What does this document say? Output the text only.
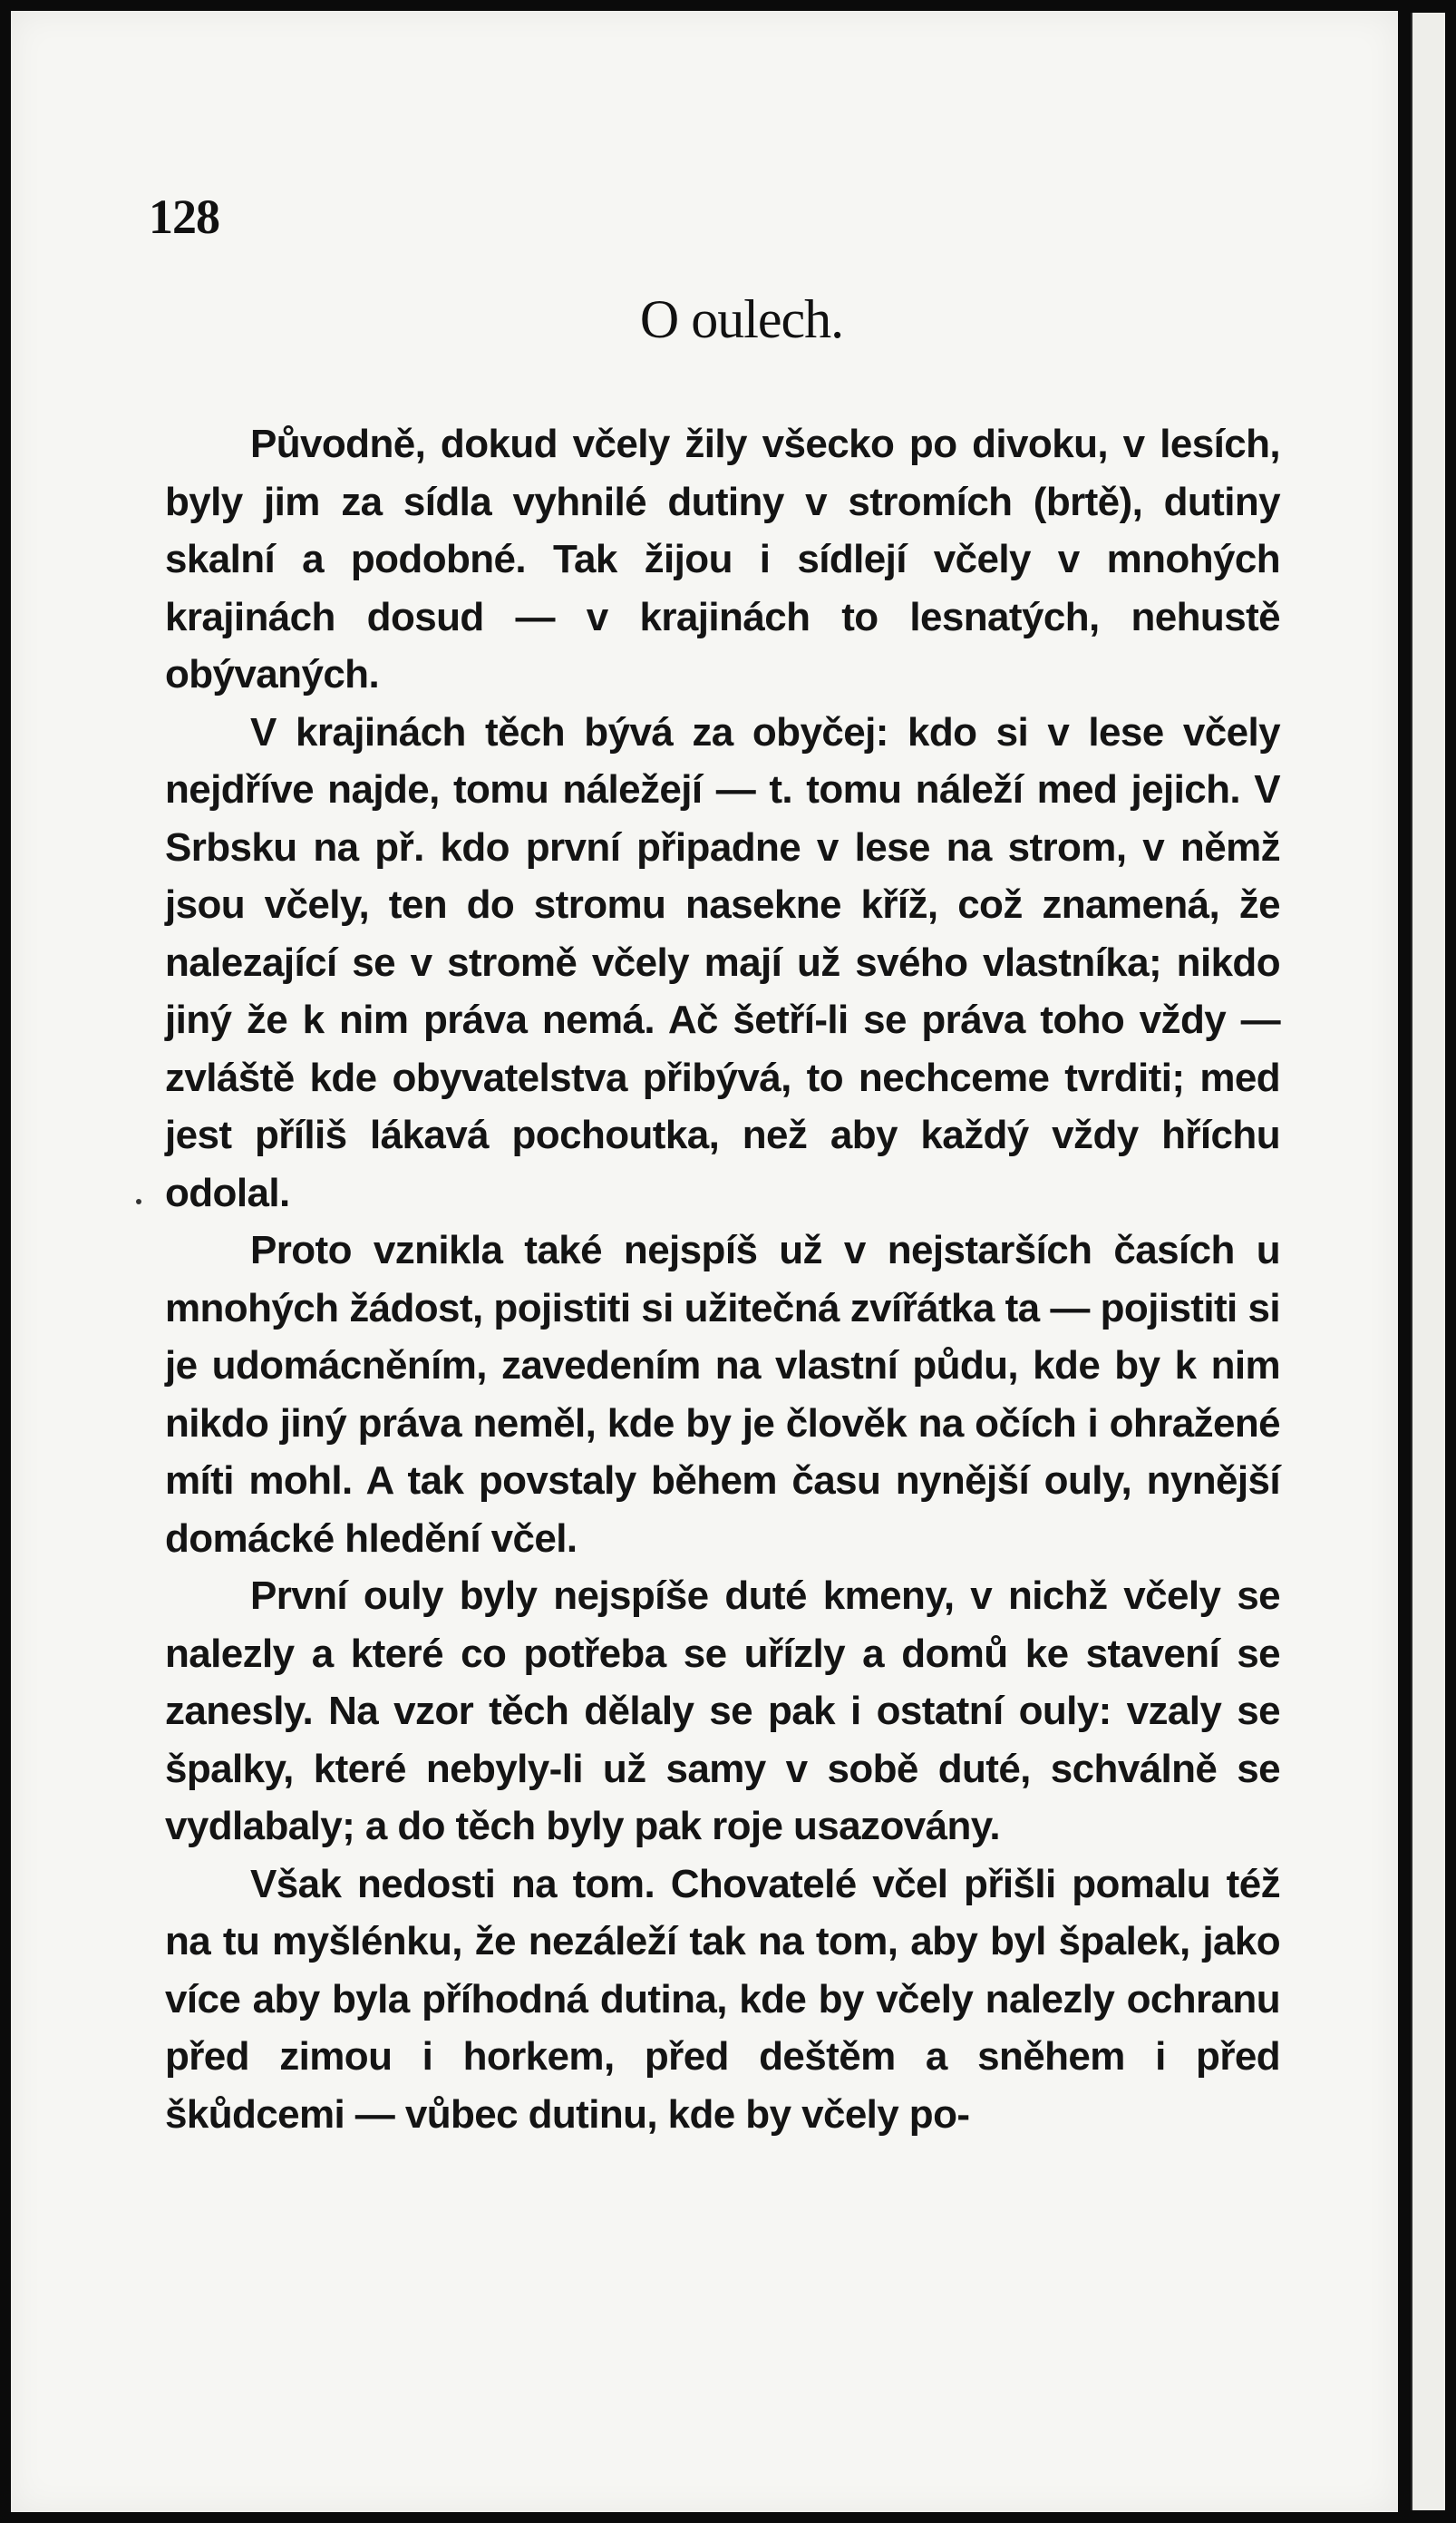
128
O oulech.

Původně, dokud včely žily všecko po divoku, v lesích, byly jim za sídla vyhnilé dutiny v stromích (brtě), dutiny skalní a podobné. Tak žijou i sídlejí včely v mnohých krajinách dosud — v krajinách to lesnatých, nehustě obývaných.

V krajinách těch bývá za obyčej: kdo si v lese včely nejdříve najde, tomu náležejí — t. tomu náleží med jejich. V Srbsku na př. kdo první připadne v lese na strom, v němž jsou včely, ten do stromu nasekne kříž, což znamená, že nalezající se v stromě včely mají už svého vlastníka; nikdo jiný že k nim práva nemá. Ač šetří-li se práva toho vždy — zvláště kde obyvatelstva přibývá, to nechceme tvrditi; med jest příliš lákavá pochoutka, než aby každý vždy hříchu odolal.

Proto vznikla také nejspíš už v nejstarších časích u mnohých žádost, pojistiti si užitečná zvířátka ta — pojistiti si je udomácněním, zavedením na vlastní půdu, kde by k nim nikdo jiný práva neměl, kde by je člověk na očích i ohražené míti mohl. A tak povstaly během času nynější ouly, nynější domácké hledění včel.

První ouly byly nejspíše duté kmeny, v nichž včely se nalezly a které co potřeba se uřízly a domů ke stavení se zanesly. Na vzor těch dělaly se pak i ostatní ouly: vzaly se špalky, které nebyly-li už samy v sobě duté, schválně se vydlabaly; a do těch byly pak roje usazovány.

Však nedosti na tom. Chovatelé včel přišli pomalu též na tu myšlénku, že nezáleží tak na tom, aby byl špalek, jako více aby byla příhodná dutina, kde by včely nalezly ochranu před zimou i horkem, před deštěm a sněhem i před škůdcemi — vůbec dutinu, kde by včely po-
